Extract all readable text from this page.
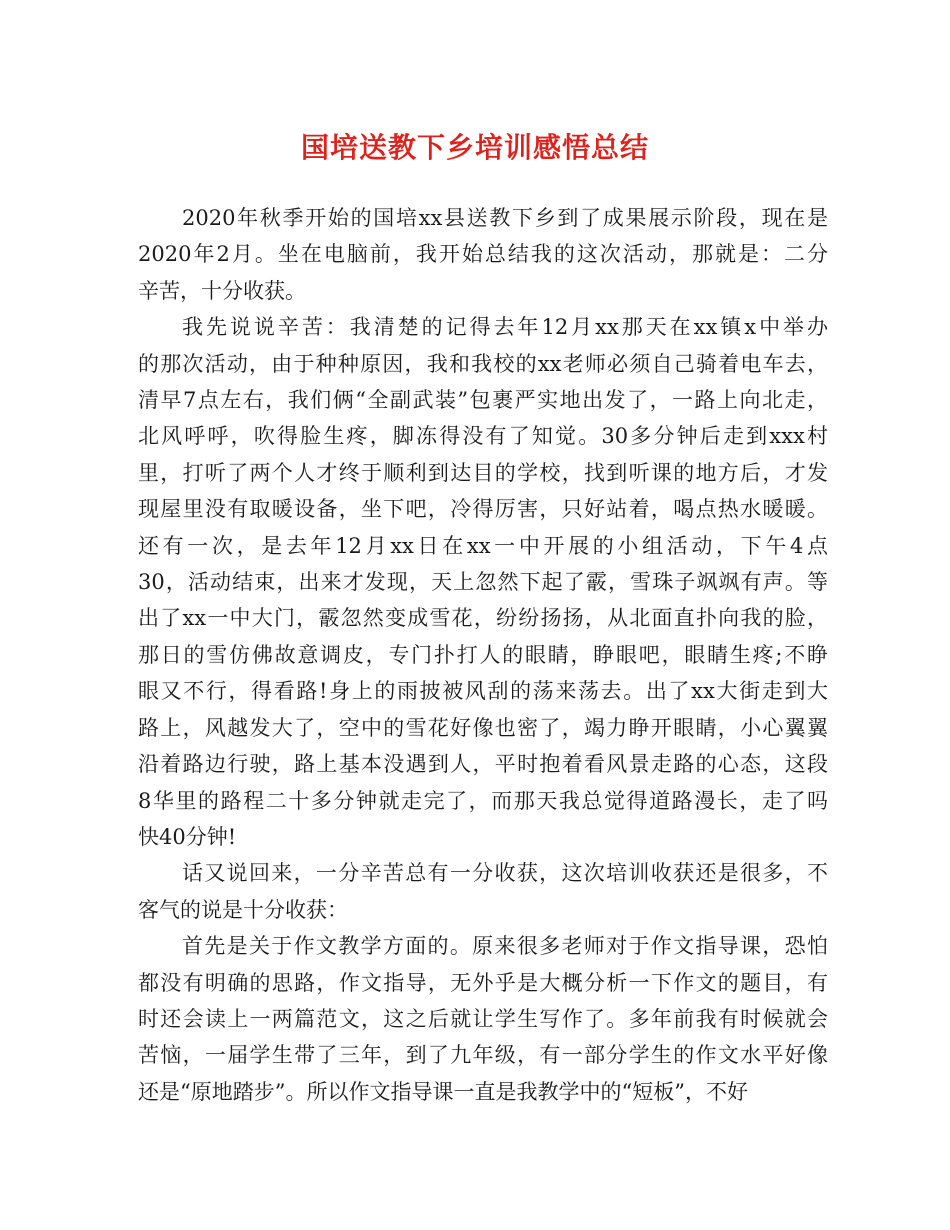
国培送教下乡培训感悟总结
2020年秋季开始的国培xx县送教下乡到了成果展示阶段，现在是
2020年2月。坐在电脑前，我开始总结我的这次活动，那就是：二分
辛苦，十分收获。
我先说说辛苦：我清楚的记得去年12月xx那天在xx镇x中举办
的那次活动，由于种种原因，我和我校的xx老师必须自己骑着电车去，
清早7点左右，我们俩“全副武装”包裹严实地出发了，一路上向北走，
北风呼呼，吹得脸生疼，脚冻得没有了知觉。30多分钟后走到xxx村
里，打听了两个人才终于顺利到达目的学校，找到听课的地方后，才发
现屋里没有取暖设备，坐下吧，冷得厉害，只好站着，喝点热水暖暖。
还有一次，是去年12月xx日在xx一中开展的小组活动，下午4点
30，活动结束，出来才发现，天上忽然下起了霰，雪珠子飒飒有声。等
出了xx一中大门，霰忽然变成雪花，纷纷扬扬，从北面直扑向我的脸，
那日的雪仿佛故意调皮，专门扑打人的眼睛，睁眼吧，眼睛生疼;不睁
眼又不行，得看路!身上的雨披被风刮的荡来荡去。出了xx大街走到大
路上，风越发大了，空中的雪花好像也密了，竭力睁开眼睛，小心翼翼
沿着路边行驶，路上基本没遇到人，平时抱着看风景走路的心态，这段
8华里的路程二十多分钟就走完了，而那天我总觉得道路漫长，走了吗
快40分钟!
话又说回来，一分辛苦总有一分收获，这次培训收获还是很多，不
客气的说是十分收获：
首先是关于作文教学方面的。原来很多老师对于作文指导课，恐怕
都没有明确的思路，作文指导，无外乎是大概分析一下作文的题目，有
时还会读上一两篇范文，这之后就让学生写作了。多年前我有时候就会
苦恼，一届学生带了三年，到了九年级，有一部分学生的作文水平好像
还是“原地踏步”。所以作文指导课一直是我教学中的“短板”，不好
